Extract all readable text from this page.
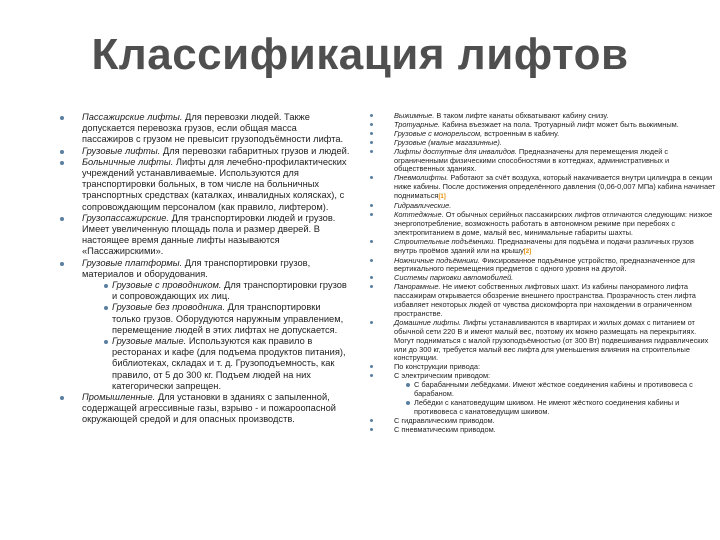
Классификация лифтов
Пассажирские лифты. Для перевозки людей. Также допускается перевозка грузов, если общая масса пассажиров с грузом не превысит грузоподъёмности лифта.
Грузовые лифты. Для перевозки габаритных грузов и людей.
Больничные лифты. Лифты для лечебно-профилактических учреждений устанавливаемые. Используются для транспортировки больных, в том числе на больничных транспортных средствах (каталках, инвалидных колясках), с сопровождающим персоналом (как правило, лифтером).
Грузопассажирские. Для транспортировки людей и грузов. Имеет увеличенную площадь пола и размер дверей. В настоящее время данные лифты называются «Пассажирскими».
Грузовые платформы. Для транспортировки грузов, материалов и оборудования.
Грузовые с проводником. Для транспортировки грузов и сопровождающих их лиц.
Грузовые без проводника. Для транспортировки только грузов. Оборудуются наружным управлением, перемещение людей в этих лифтах не допускается.
Грузовые малые. Используются как правило в ресторанах и кафе (для подъема продуктов питания), библиотеках, складах и т. д. Грузоподъемность, как правило, от 5 до 300 кг. Подъем людей на них категорически запрещен.
Промышленные. Для установки в зданиях с запыленной, содержащей агрессивные газы, взрыво - и пожароопасной окружающей средой и для опасных производств.
Выжимные. В таком лифте канаты обхватывают кабину снизу.
Тротуарные. Кабина въезжает на пола. Тротуарный лифт может быть выжимным.
Грузовые с монорельсом, встроенным в кабину.
Грузовые (малые магазинные).
Лифты доступные для инвалидов. Предназначены для перемещения людей с ограниченными физическими способностями в коттеджах, административных и общественных зданиях.
Пневмолифты. Работают за счёт воздуха, который накачивается внутри цилиндра в секции ниже кабины. После достижения определённого давления (0,06-0,007 МПа) кабина начинает подниматься[1]
Гидравлические.
Коттеджные. От обычных серийных пассажирских лифтов отличаются следующим: низкое энергопотребление, возможность работать в автономном режиме при перебоях с электропитанием в доме, малый вес, минимальные габариты шахты.
Строительные подъёмники. Предназначены для подъёма и подачи различных грузов внутрь проёмов зданий или на крышу[2]
Ножничные подъёмники. Фиксированное подъёмное устройство, предназначенное для вертикального перемещения предметов с одного уровня на другой.
Системы парковки автомобилей.
Панорамные. Не имеют собственных лифтовых шахт. Из кабины панорамного лифта пассажирам открывается обозрение внешнего пространства. Прозрачность стен лифта избавляет некоторых людей от чувства дискомфорта при нахождении в ограниченном пространстве.
Домашние лифты. Лифты устанавливаются в квартирах и жилых домах с питанием от обычной сети 220 В и имеют малый вес, поэтому их можно размещать на перекрытиях. Могут подниматься с малой грузоподъёмностью (от 300 Вт) подвешивания гидравлических или до 300 кг, требуется малый вес лифта для уменьшения влияния на строительные конструкции.
По конструкции привода:
С электрическим приводом:
С барабанными лебёдками. Имеют жёсткое соединения кабины и противовеса с барабаном.
Лебёдки с канатоведущим шкивом. Не имеют жёсткого соединения кабины и противовеса с канатоведущим шкивом.
С гидравлическим приводом.
С пневматическим приводом.
